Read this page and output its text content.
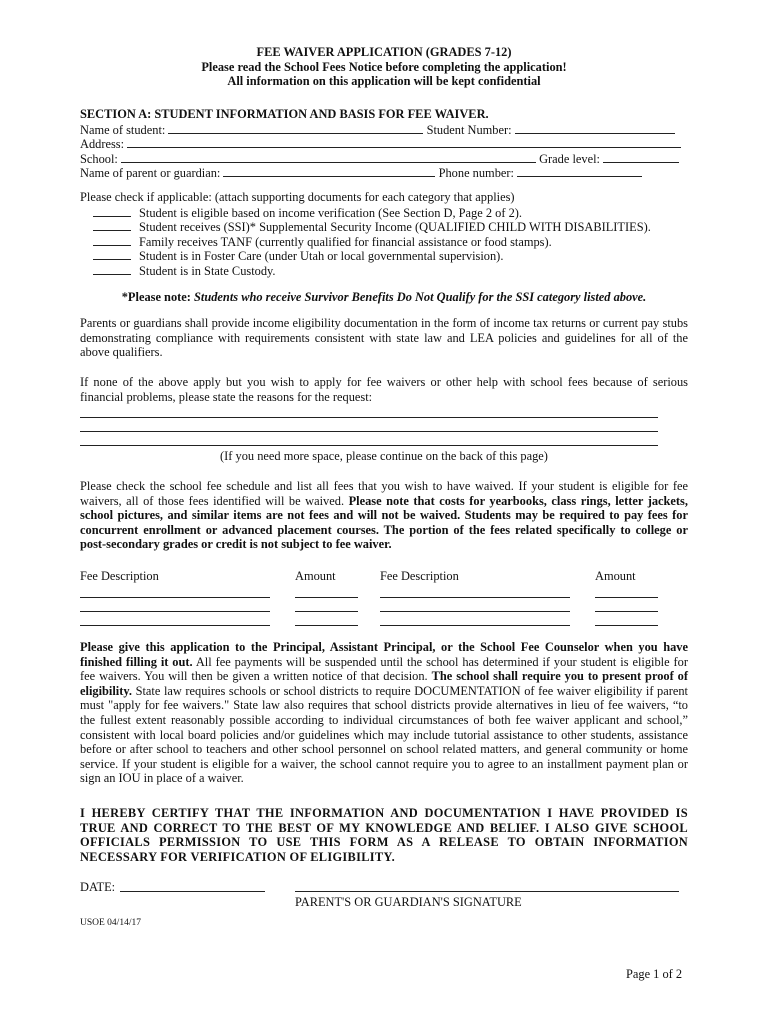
FEE WAIVER APPLICATION (GRADES 7-12)
Please read the School Fees Notice before completing the application!
All information on this application will be kept confidential
SECTION A: STUDENT INFORMATION AND BASIS FOR FEE WAIVER.
Name of student:	Student Number:
Address:
School:	Grade level:
Name of parent or guardian:	Phone number:
Please check if applicable: (attach supporting documents for each category that applies)
Student is eligible based on income verification (See Section D, Page 2 of 2).
Student receives (SSI)* Supplemental Security Income (QUALIFIED CHILD WITH DISABILITIES).
Family receives TANF (currently qualified for financial assistance or food stamps).
Student is in Foster Care (under Utah or local governmental supervision).
Student is in State Custody.
*Please note: Students who receive Survivor Benefits Do Not Qualify for the SSI category listed above.
Parents or guardians shall provide income eligibility documentation in the form of income tax returns or current pay stubs demonstrating compliance with requirements consistent with state law and LEA policies and guidelines for all of the above qualifiers.
If none of the above apply but you wish to apply for fee waivers or other help with school fees because of serious financial problems, please state the reasons for the request:
(If you need more space, please continue on the back of this page)
Please check the school fee schedule and list all fees that you wish to have waived. If your student is eligible for fee waivers, all of those fees identified will be waived. Please note that costs for yearbooks, class rings, letter jackets, school pictures, and similar items are not fees and will not be waived. Students may be required to pay fees for concurrent enrollment or advanced placement courses. The portion of the fees related specifically to college or post-secondary grades or credit is not subject to fee waiver.
Fee Description	Amount	Fee Description	Amount
Please give this application to the Principal, Assistant Principal, or the School Fee Counselor when you have finished filling it out. All fee payments will be suspended until the school has determined if your student is eligible for fee waivers. You will then be given a written notice of that decision. The school shall require you to present proof of eligibility. State law requires schools or school districts to require DOCUMENTATION of fee waiver eligibility if parent must "apply for fee waivers." State law also requires that school districts provide alternatives in lieu of fee waivers, “to the fullest extent reasonably possible according to individual circumstances of both fee waiver applicant and school,” consistent with local board policies and/or guidelines which may include tutorial assistance to other students, assistance before or after school to teachers and other school personnel on school related matters, and general community or home service. If your student is eligible for a waiver, the school cannot require you to agree to an installment payment plan or sign an IOU in place of a waiver.
I HEREBY CERTIFY THAT THE INFORMATION AND DOCUMENTATION I HAVE PROVIDED IS TRUE AND CORRECT TO THE BEST OF MY KNOWLEDGE AND BELIEF. I ALSO GIVE SCHOOL OFFICIALS PERMISSION TO USE THIS FORM AS A RELEASE TO OBTAIN INFORMATION NECESSARY FOR VERIFICATION OF ELIGIBILITY.
DATE:
PARENT'S OR GUARDIAN'S SIGNATURE
USOE 04/14/17
Page 1 of 2
